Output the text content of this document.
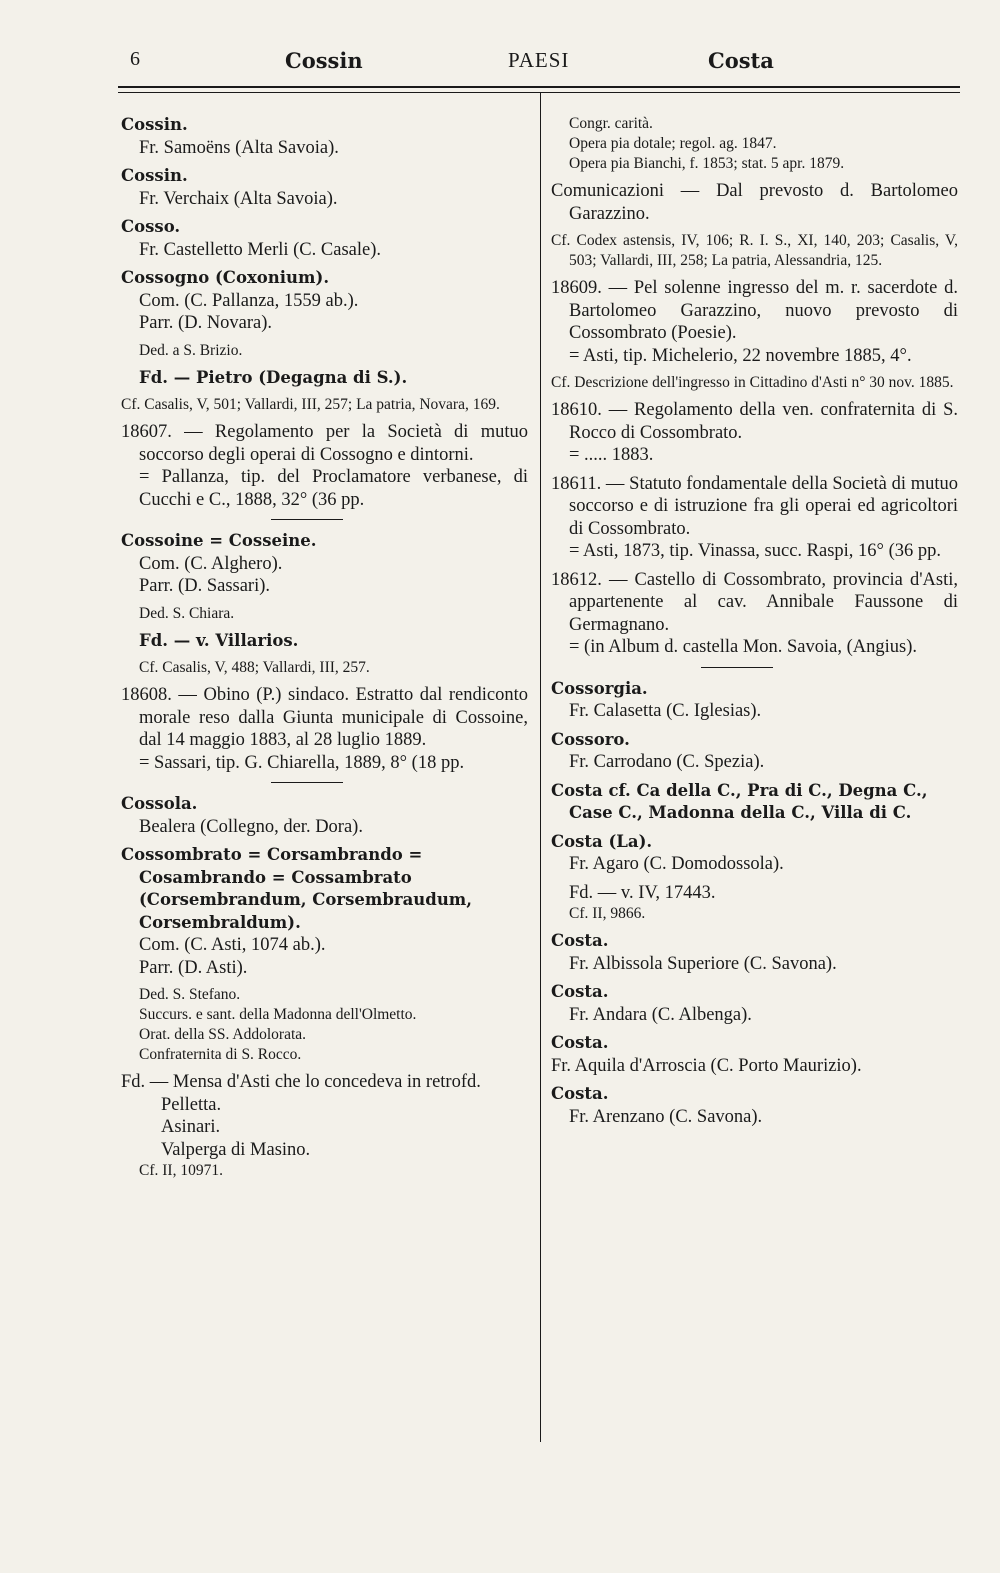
6	Cossin	PAESI	Costa
Cossin.
Fr. Samoëns (Alta Savoia).
Cossin.
Fr. Verchaix (Alta Savoia).
Cosso.
Fr. Castelletto Merli (C. Casale).
Cossogno (Coxonium).
Com. (C. Pallanza, 1559 ab.).
Parr. (D. Novara).
Ded. a S. Brizio.
Fd. — Pietro (Degagna di S.).
Cf. Casalis, V, 501; Vallardi, III, 257; La patria, Novara, 169.
18607. — Regolamento per la Società di mutuo soccorso degli operai di Cossogno e dintorni.
= Pallanza, tip. del Proclamatore verbanese, di Cucchi e C., 1888, 32° (36 pp.
Cossoine = Cosseine.
Com. (C. Alghero).
Parr. (D. Sassari).
Ded. S. Chiara.
Fd. — v. Villarios.
Cf. Casalis, V, 488; Vallardi, III, 257.
18608. — Obino (P.) sindaco. Estratto dal rendiconto morale reso dalla Giunta municipale di Cossoine, dal 14 maggio 1883, al 28 luglio 1889.
= Sassari, tip. G. Chiarella, 1889, 8° (18 pp.
Cossola.
Bealera (Collegno, der. Dora).
Cossombrato = Corsambrando = Cosambrando = Cossambrato (Corsembrandum, Corsembraudum, Corsembraldum).
Com. (C. Asti, 1074 ab.).
Parr. (D. Asti).
Ded. S. Stefano.
Succurs. e sant. della Madonna dell'Olmetto.
Orat. della SS. Addolorata.
Confraternita di S. Rocco.
Fd. — Mensa d'Asti che lo concedeva in retrofd.
Pelletta.
Asinari.
Valperga di Masino.
Cf. II, 10971.
Congr. carità.
Opera pia dotale; regol. ag. 1847.
Opera pia Bianchi, f. 1853; stat. 5 apr. 1879.
Comunicazioni — Dal prevosto d. Bartolomeo Garazzino.
Cf. Codex astensis, IV, 106; R. I. S., XI, 140, 203; Casalis, V, 503; Vallardi, III, 258; La patria, Alessandria, 125.
18609. — Pel solenne ingresso del m. r. sacerdote d. Bartolomeo Garazzino, nuovo prevosto di Cossombrato (Poesie).
= Asti, tip. Michelerio, 22 novembre 1885, 4°.
Cf. Descrizione dell'ingresso in Cittadino d'Asti n° 30 nov. 1885.
18610. — Regolamento della ven. confraternita di S. Rocco di Cossombrato.
= ..... 1883.
18611. — Statuto fondamentale della Società di mutuo soccorso e di istruzione fra gli operai ed agricoltori di Cossombrato.
= Asti, 1873, tip. Vinassa, succ. Raspi, 16° (36 pp.
18612. — Castello di Cossombrato, provincia d'Asti, appartenente al cav. Annibale Faussone di Germagnano.
= (in Album d. castella Mon. Savoia, (Angius).
Cossorgia.
Fr. Calasetta (C. Iglesias).
Cossoro.
Fr. Carrodano (C. Spezia).
Costa cf. Ca della C., Pra di C., Degna C., Case C., Madonna della C., Villa di C.
Costa (La).
Fr. Agaro (C. Domodossola).
Fd. — v. IV, 17443.
Cf. II, 9866.
Costa.
Fr. Albissola Superiore (C. Savona).
Costa.
Fr. Andara (C. Albenga).
Costa.
Fr. Aquila d'Arroscia (C. Porto Maurizio).
Costa.
Fr. Arenzano (C. Savona).
